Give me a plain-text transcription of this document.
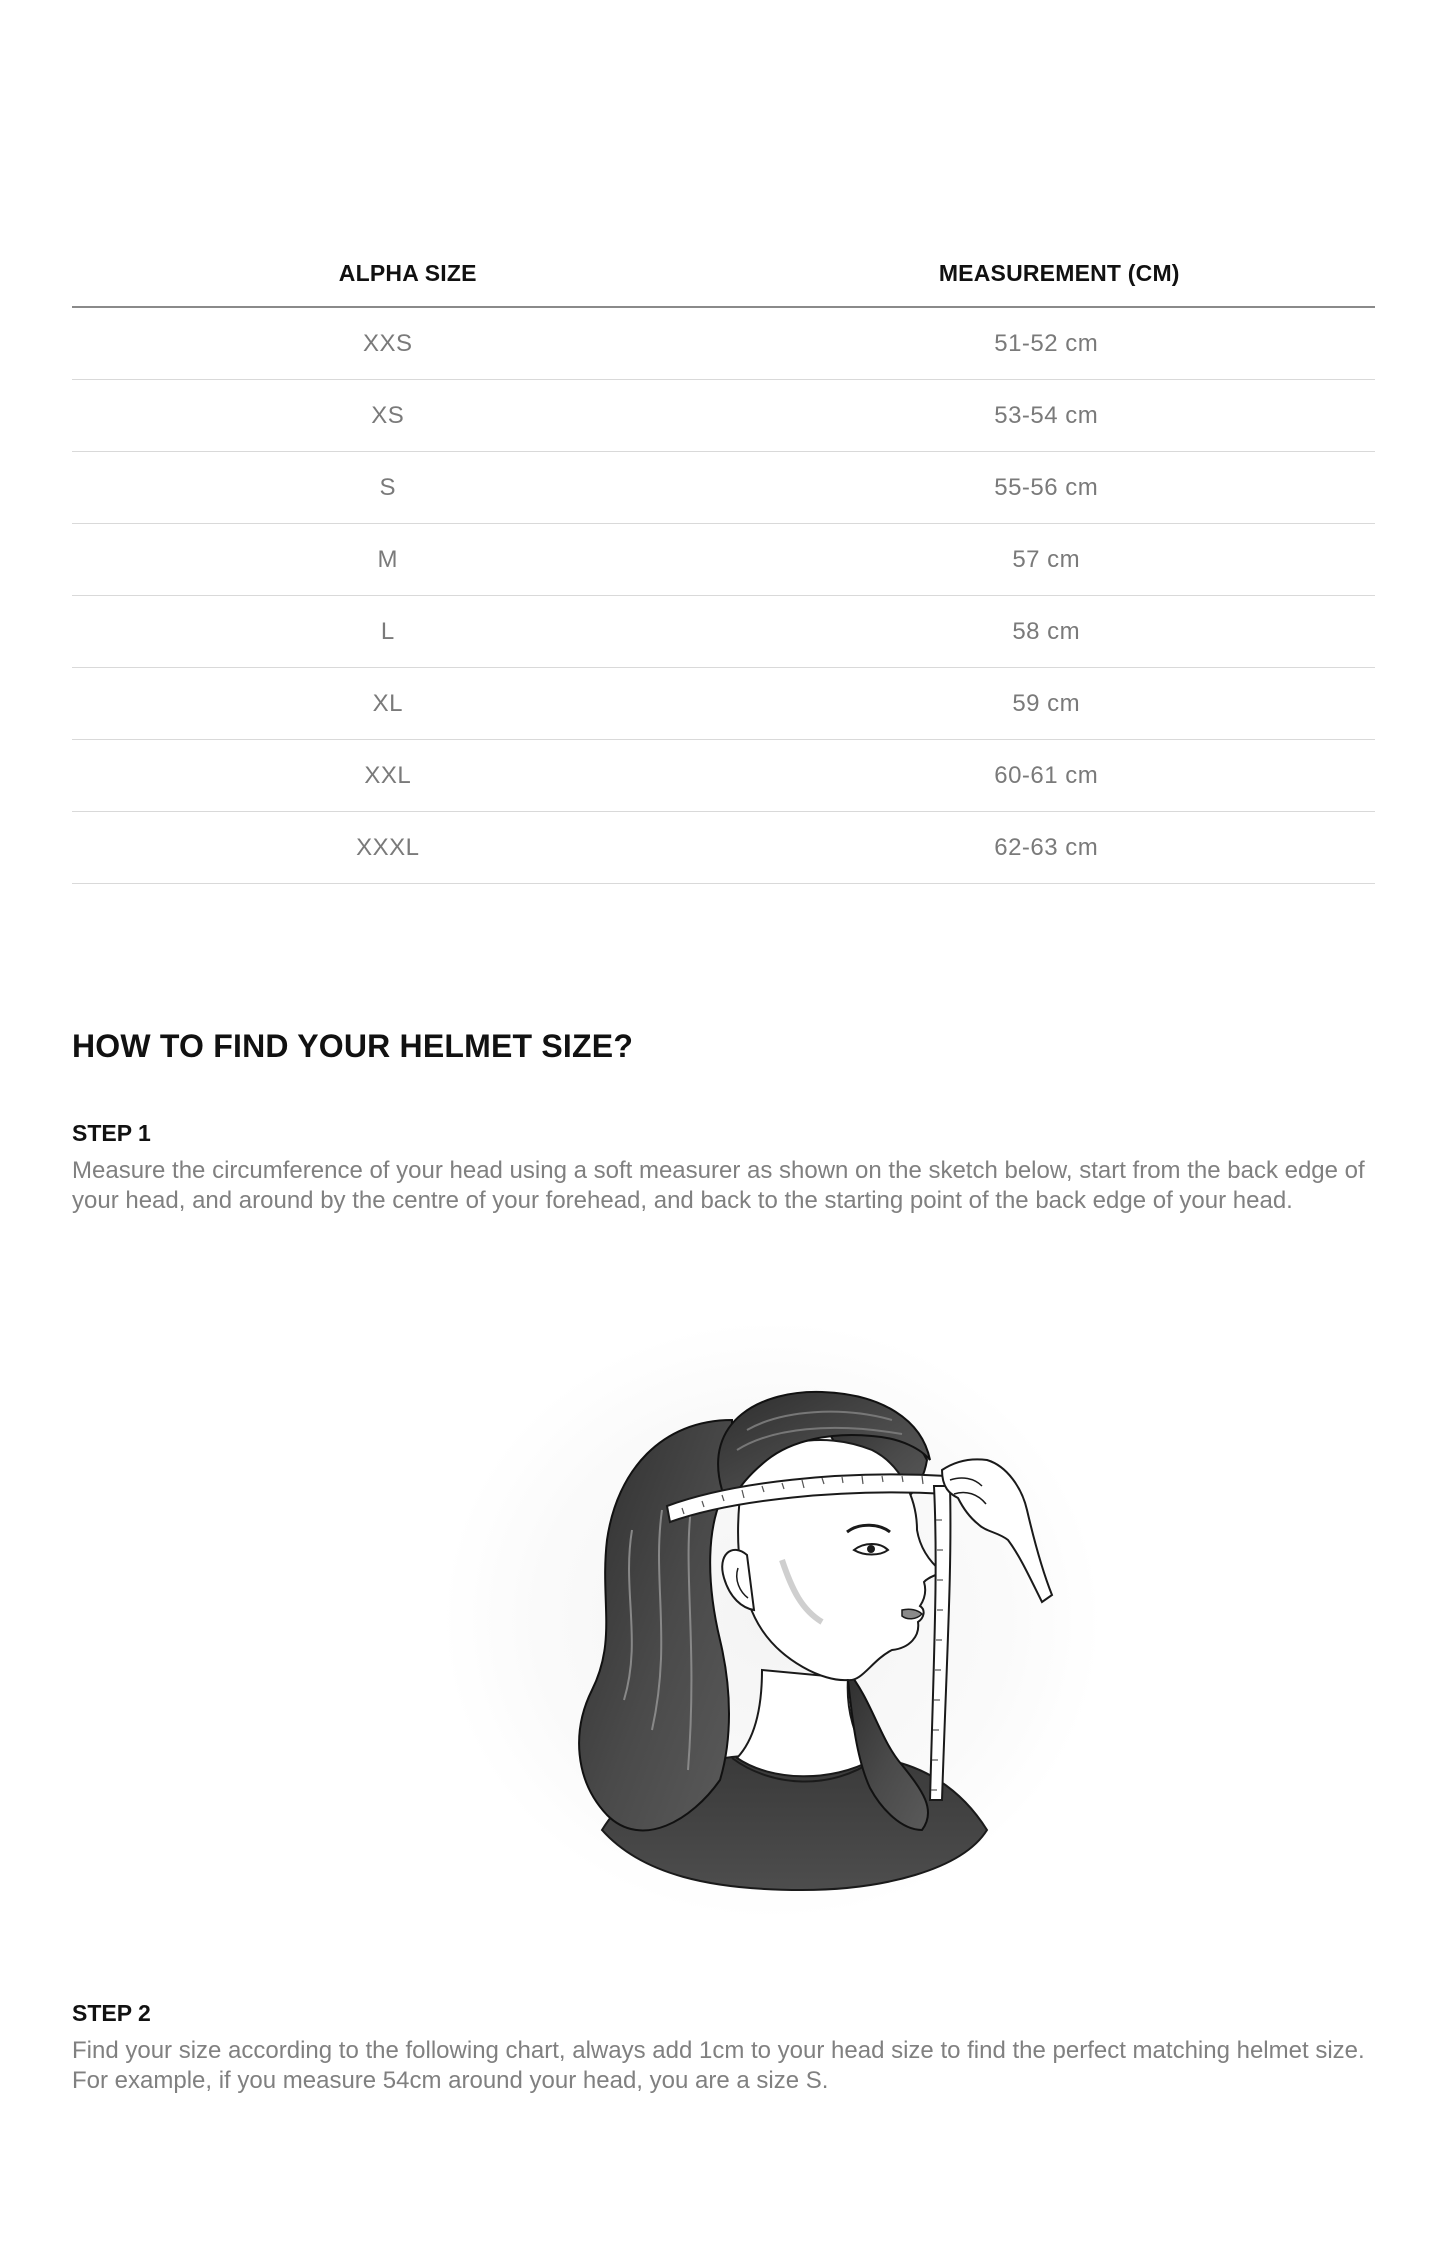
ALPHA SIZE	MEASUREMENT (CM)
XXS	51-52 cm
XS	53-54 cm
S	55-56 cm
M	57 cm
L	58 cm
XL	59 cm
XXL	60-61 cm
XXXL	62-63 cm
HOW TO FIND YOUR HELMET SIZE?
STEP 1

Measure the circumference of your head using a soft measurer as shown on the sketch below, start from the back edge of your head, and around by the centre of your forehead, and back to the starting point of the back edge of your head.

STEP 2

Find your size according to the following chart, always add 1cm to your head size to find the perfect matching helmet size. For example, if you measure 54cm around your head, you are a size S.
